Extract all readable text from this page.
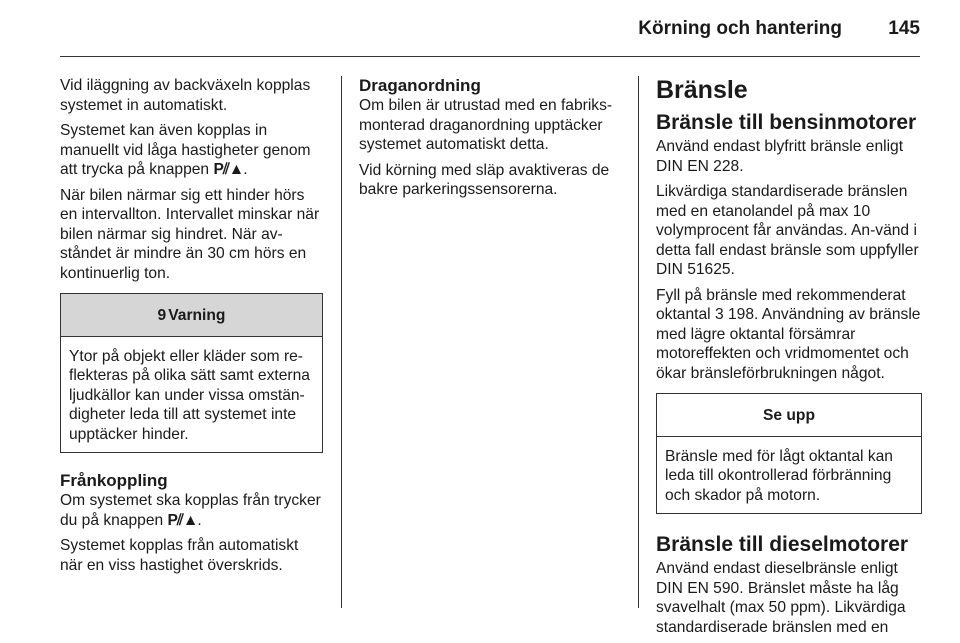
Körning och hantering 145

Vid iläggning av backväxeln kopplas systemet in automatiskt.

Systemet kan även kopplas in manuellt vid låga hastigheter genom att trycka på knappen P⫽▲.

När bilen närmar sig ett hinder hörs en intervallton. Intervallet minskar när bilen närmar sig hindret. När av-ståndet är mindre än 30 cm hörs en kontinuerlig ton.

9 Varning
Ytor på objekt eller kläder som re-flekteras på olika sätt samt externa ljudkällor kan under vissa omstän-digheter leda till att systemet inte upptäcker hinder.
Frånkoppling

Om systemet ska kopplas från trycker du på knappen P⫽▲.

Systemet kopplas från automatiskt när en viss hastighet överskrids.

Draganordning

Om bilen är utrustad med en fabriks-monterad draganordning upptäcker systemet automatiskt detta.

Vid körning med släp avaktiveras de bakre parkeringssensorerna.

Bränsle
Bränsle till bensinmotorer

Använd endast blyfritt bränsle enligt DIN EN 228.

Likvärdiga standardiserade bränslen med en etanolandel på max 10 volymprocent får användas. An-vänd i detta fall endast bränsle som uppfyller DIN 51625.

Fyll på bränsle med rekommenderat oktantal 3 198. Användning av bränsle med lägre oktantal försämrar motoreffekten och vridmomentet och ökar bränsleförbrukningen något.

Se upp
Bränsle med för lågt oktantal kan leda till okontrollerad förbränning och skador på motorn.
Bränsle till dieselmotorer

Använd endast dieselbränsle enligt DIN EN 590. Bränslet måste ha låg svavelhalt (max 50 ppm). Likvärdiga standardiserade bränslen med en
